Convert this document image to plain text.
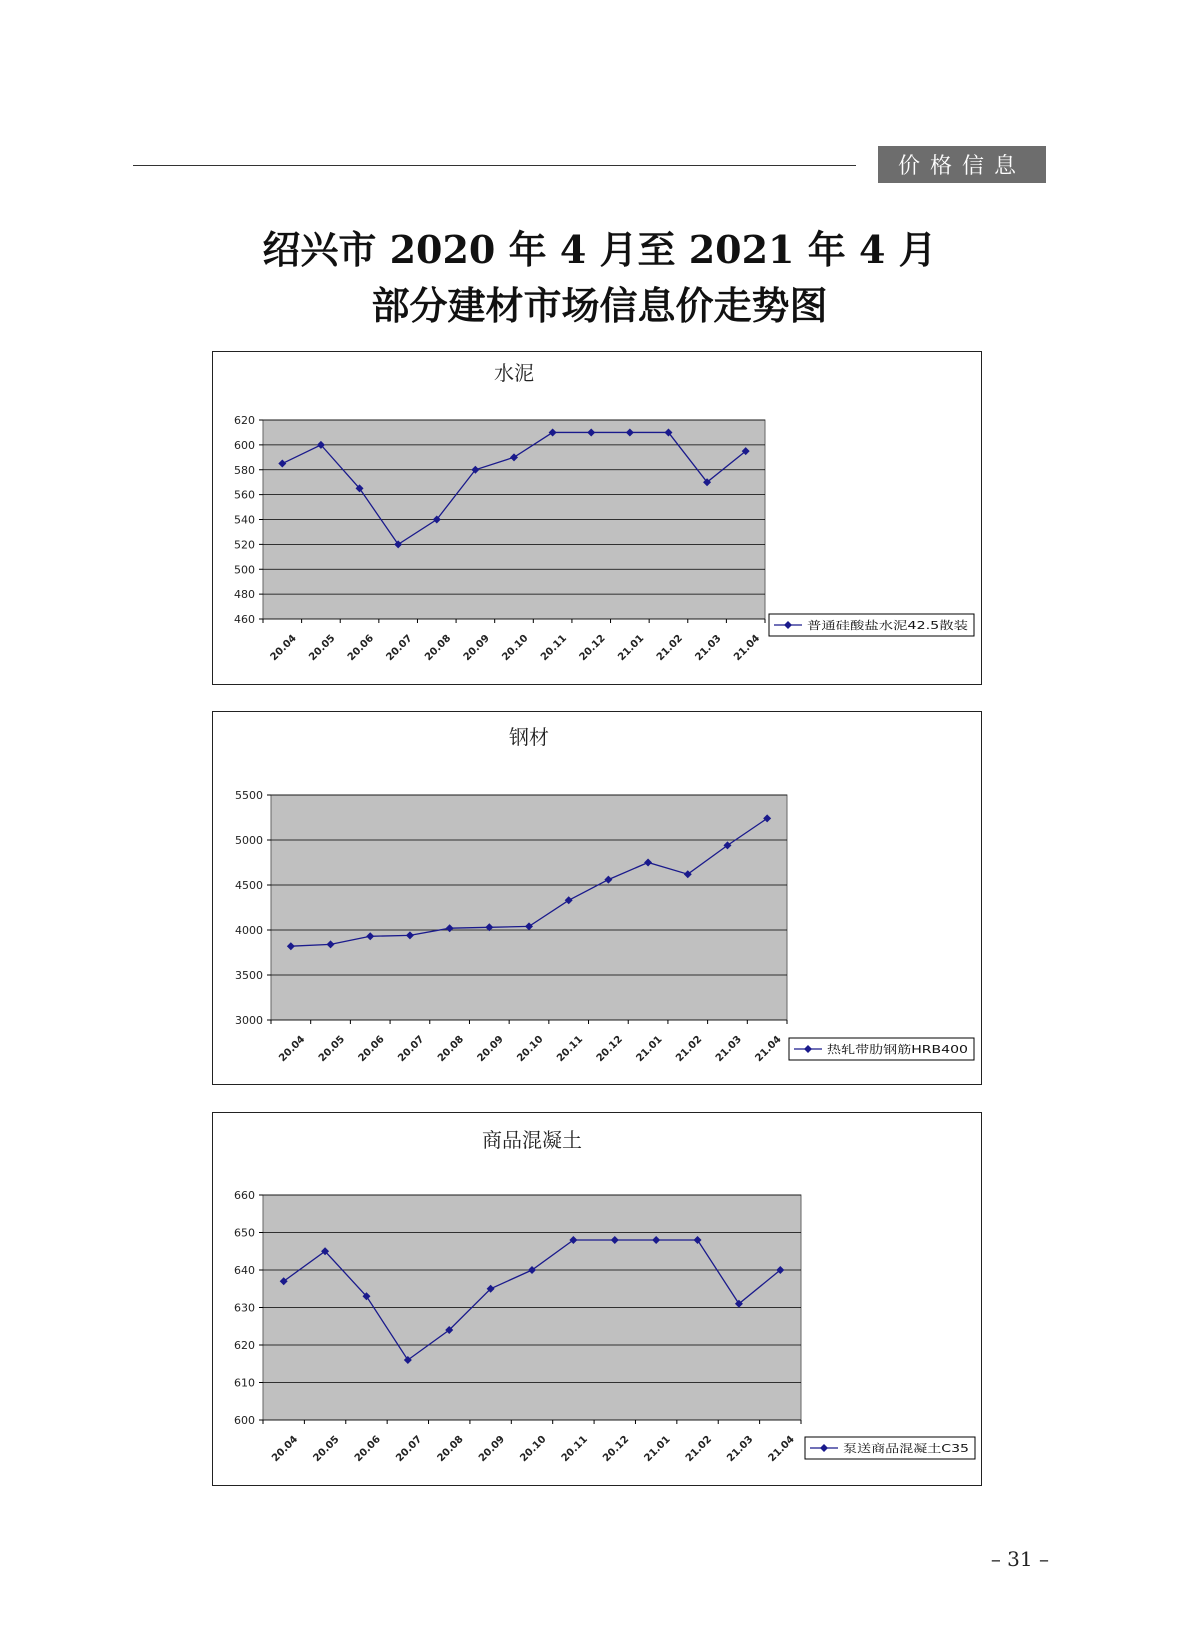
价格信息
绍兴市 2020 年 4 月至 2021 年 4 月
部分建材市场信息价走势图
水泥
460
480
500
520
540
560
580
600
620
20.04 20.05 20.06 20.07 20.08 20.09 20.10 20.11 20.12 21.01 21.02 21.03 21.04
普通硅酸盐水泥42.5散装
钢材
3000
3500
4000
4500
5000
5500
20.04 20.05 20.06 20.07 20.08 20.09 20.10 20.11 20.12 21.01 21.02 21.03 21.04	热轧带肋钢筋HRB400
商品混凝土
600
610
620
630
640
650
660
20.04 20.05 20.06 20.07 20.08 20.09 20.10 20.11 20.12 21.01 21.02 21.03 21.04	泵送商品混凝土C35
– 31 –
